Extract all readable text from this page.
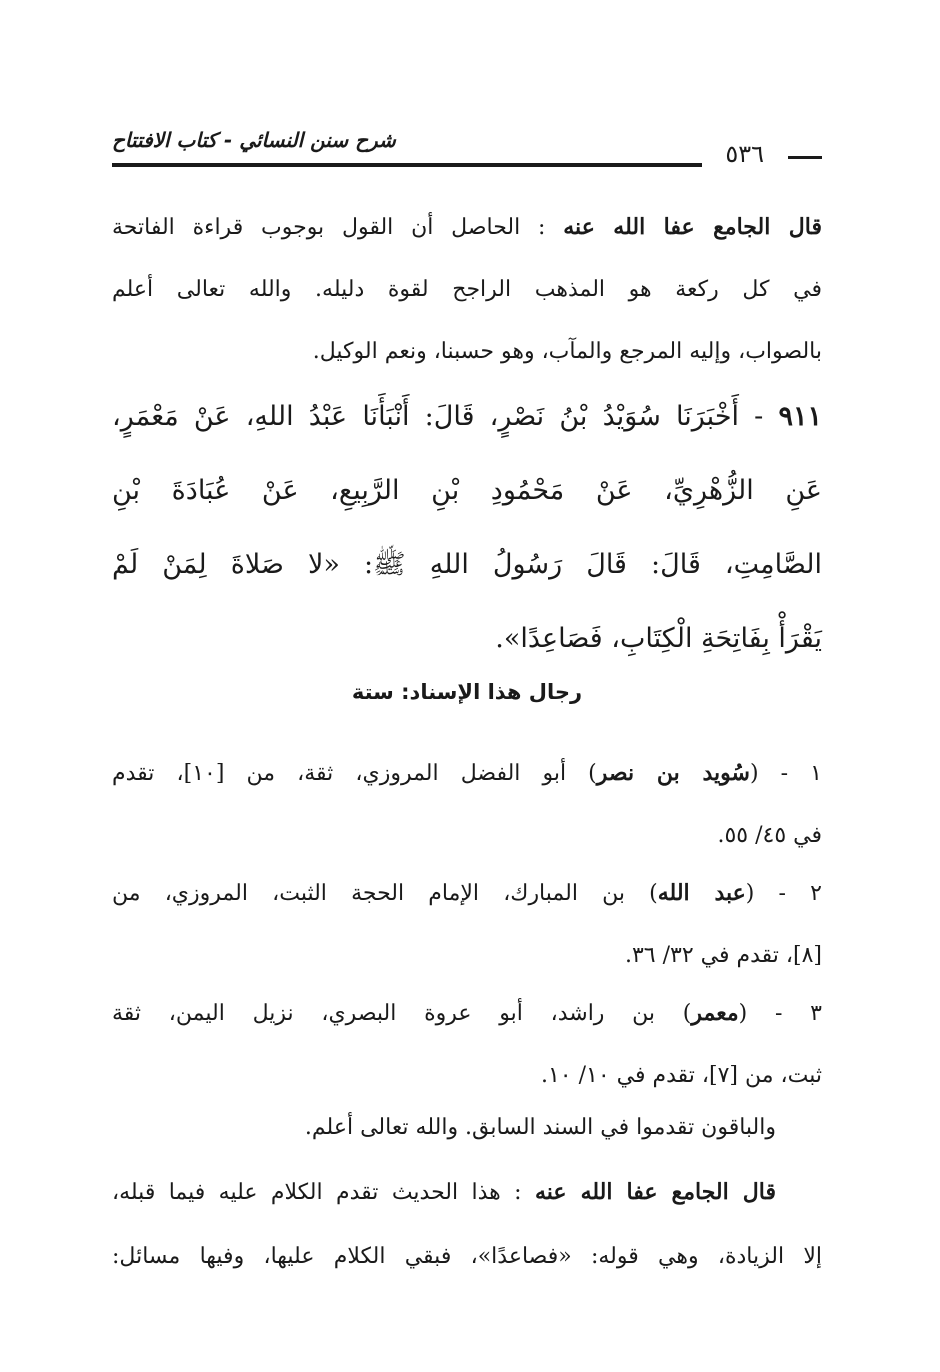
شرح سنن النسائي - كتاب الافتتاح	٥٣٦
قال الجامع عفا الله عنه : الحاصل أن القول بوجوب قراءة الفاتحة
في كل ركعة هو المذهب الراجح لقوة دليله. والله تعالى أعلم
بالصواب، وإليه المرجع والمآب، وهو حسبنا، ونعم الوكيل.
٩١١ - أَخْبَرَنَا سُوَيْدُ بْنُ نَصْرٍ، قَالَ: أَنْبَأَنَا عَبْدُ اللهِ، عَنْ مَعْمَرٍ،
عَنِ الزُّهْرِيِّ، عَنْ مَحْمُودِ بْنِ الرَّبِيعِ، عَنْ عُبَادَةَ بْنِ
الصَّامِتِ، قَالَ: قَالَ رَسُولُ اللهِ ﷺ: «لا صَلاةَ لِمَنْ لَمْ
يَقْرَأْ بِفَاتِحَةِ الْكِتَابِ، فَصَاعِدًا».
رجال هذا الإسناد: ستة
١ - (سُويد بن نصر) أبو الفضل المروزي، ثقة، من [١٠]، تقدم
في ٤٥/ ٥٥.
٢ - (عبد الله) بن المبارك، الإمام الحجة الثبت، المروزي، من
[٨]، تقدم في ٣٢/ ٣٦.
٣ - (معمر) بن راشد، أبو عروة البصري، نزيل اليمن، ثقة
ثبت، من [٧]، تقدم في ١٠/ ١٠.
والباقون تقدموا في السند السابق. والله تعالى أعلم.
قال الجامع عفا الله عنه : هذا الحديث تقدم الكلام عليه فيما قبله،
إلا الزيادة، وهي قوله: «فصاعدًا»، فبقي الكلام عليها، وفيها مسائل:
